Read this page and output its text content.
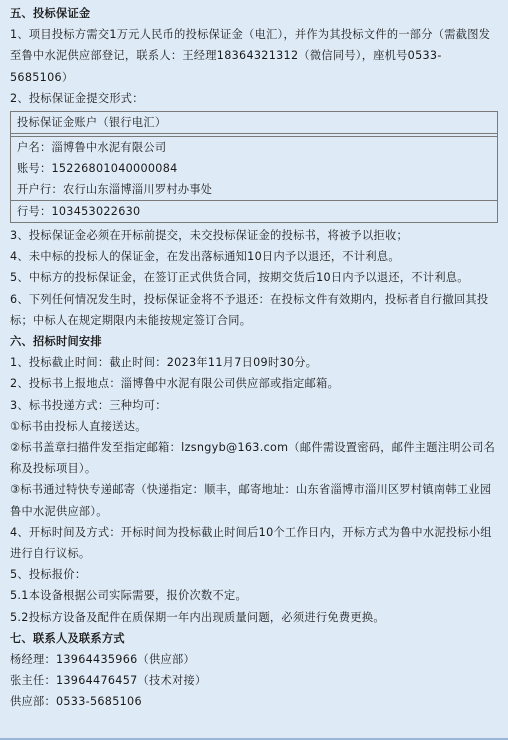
五、投标保证金
1、项目投标方需交1万元人民币的投标保证金（电汇），并作为其投标文件的一部分（需截图发至鲁中水泥供应部登记，联系人：王经理18364321312（微信同号），座机号0533-5685106）
2、投标保证金提交形式：
投标保证金账户（银行电汇）
户名：淄博鲁中水泥有限公司
账号：15226801040000084
开户行：农行山东淄博淄川罗村办事处
行号：103453022630
3、投标保证金必须在开标前提交，未交投标保证金的投标书，将被予以拒收；
4、未中标的投标人的保证金，在发出落标通知10日内予以退还，不计利息。
5、中标方的投标保证金，在签订正式供货合同，按期交货后10日内予以退还，不计利息。
6、下列任何情况发生时，投标保证金将不予退还：在投标文件有效期内，投标者自行撤回其投标；中标人在规定期限内未能按规定签订合同。
六、招标时间安排
1、投标截止时间：截止时间：2023年11月7日09时30分。
2、投标书上报地点：淄博鲁中水泥有限公司供应部或指定邮箱。
3、标书投递方式：三种均可：
①标书由投标人直接送达。
②标书盖章扫描件发至指定邮箱：lzsngyb@163.com（邮件需设置密码，邮件主题注明公司名称及投标项目）。
③标书通过特快专递邮寄（快递指定：顺丰，邮寄地址：山东省淄博市淄川区罗村镇南韩工业园鲁中水泥供应部）。
4、开标时间及方式：开标时间为投标截止时间后10个工作日内，开标方式为鲁中水泥投标小组进行自行议标。
5、投标报价：
5.1本设备根据公司实际需要，报价次数不定。
5.2投标方设备及配件在质保期一年内出现质量问题，必须进行免费更换。
七、联系人及联系方式
杨经理：13964435966（供应部）
张主任：13964476457（技术对接）
供应部：0533-5685106
